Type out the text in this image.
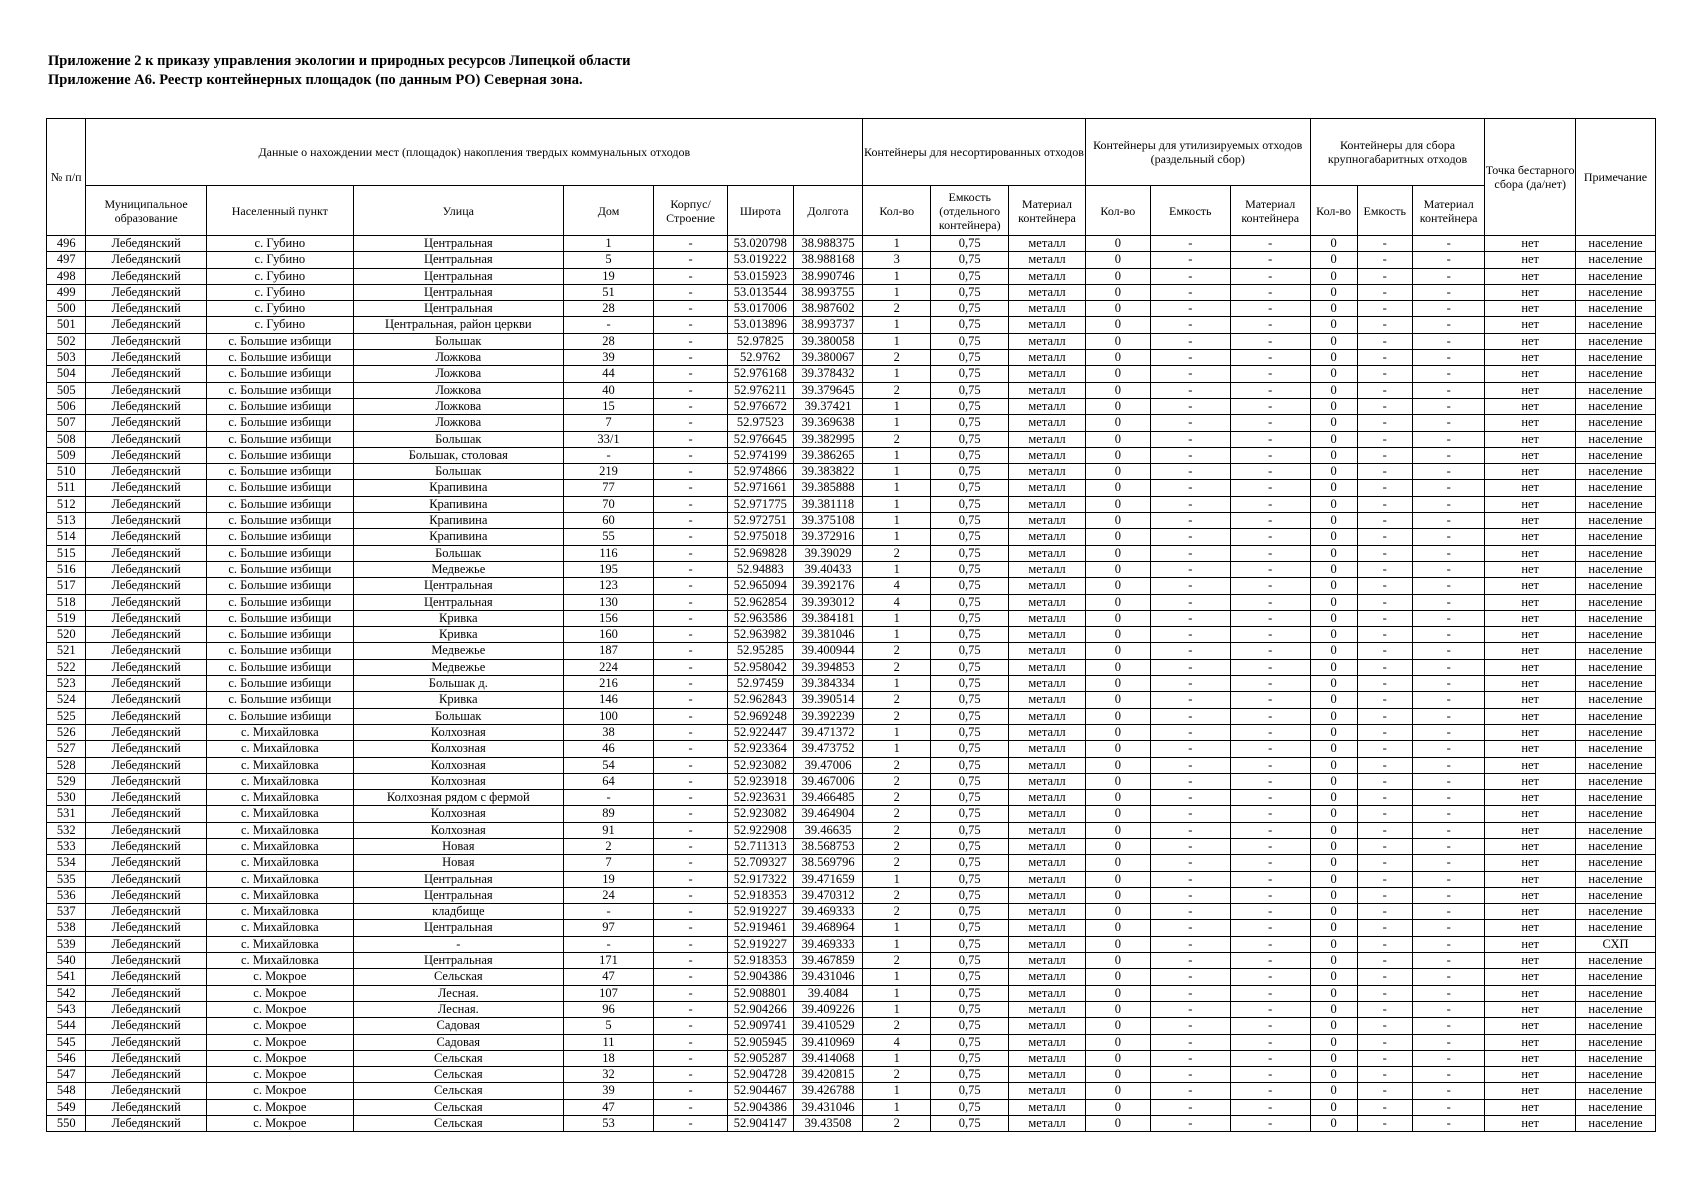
Приложение 2 к приказу управления экологии и природных ресурсов Липецкой области
Приложение А6. Реестр контейнерных площадок (по данным РО) Северная зона.
№ п/п	Данные о нахождении мест (площадок) накопления твердых коммунальных отходов							Контейнеры для несортированных отходов			Контейнеры для утилизируемых отходов (раздельный сбор)			Контейнеры для сбора крупногабаритных отходов			Точка бестарного сбора (да/нет)	Примечание
	Муниципальное образование	Населенный пункт	Улица	Дом	Корпус/ Строение	Широта	Долгота	Кол-во	Емкость (отдельного контейнера)	Материал контейнера	Кол-во	Емкость	Материал контейнера	Кол-во	Емкость	Материал контейнера		
496	Лебедянский	с. Губино	Центральная	1	-	53.020798	38.988375	1	0,75	металл	0	-	-	0	-	-	нет	население
497	Лебедянский	с. Губино	Центральная	5	-	53.019222	38.988168	3	0,75	металл	0	-	-	0	-	-	нет	население
498	Лебедянский	с. Губино	Центральная	19	-	53.015923	38.990746	1	0,75	металл	0	-	-	0	-	-	нет	население
499	Лебедянский	с. Губино	Центральная	51	-	53.013544	38.993755	1	0,75	металл	0	-	-	0	-	-	нет	население
500	Лебедянский	с. Губино	Центральная	28	-	53.017006	38.987602	2	0,75	металл	0	-	-	0	-	-	нет	население
501	Лебедянский	с. Губино	Центральная, район церкви	-	-	53.013896	38.993737	1	0,75	металл	0	-	-	0	-	-	нет	население
502	Лебедянский	с. Большие избищи	Большак	28	-	52.97825	39.380058	1	0,75	металл	0	-	-	0	-	-	нет	население
503	Лебедянский	с. Большие избищи	Ложкова	39	-	52.9762	39.380067	2	0,75	металл	0	-	-	0	-	-	нет	население
504	Лебедянский	с. Большие избищи	Ложкова	44	-	52.976168	39.378432	1	0,75	металл	0	-	-	0	-	-	нет	население
505	Лебедянский	с. Большие избищи	Ложкова	40	-	52.976211	39.379645	2	0,75	металл	0	-	-	0	-	-	нет	население
506	Лебедянский	с. Большие избищи	Ложкова	15	-	52.976672	39.37421	1	0,75	металл	0	-	-	0	-	-	нет	население
507	Лебедянский	с. Большие избищи	Ложкова	7	-	52.97523	39.369638	1	0,75	металл	0	-	-	0	-	-	нет	население
508	Лебедянский	с. Большие избищи	Большак	33/1	-	52.976645	39.382995	2	0,75	металл	0	-	-	0	-	-	нет	население
509	Лебедянский	с. Большие избищи	Большак, столовая	-	-	52.974199	39.386265	1	0,75	металл	0	-	-	0	-	-	нет	население
510	Лебедянский	с. Большие избищи	Большак	219	-	52.974866	39.383822	1	0,75	металл	0	-	-	0	-	-	нет	население
511	Лебедянский	с. Большие избищи	Крапивина	77	-	52.971661	39.385888	1	0,75	металл	0	-	-	0	-	-	нет	население
512	Лебедянский	с. Большие избищи	Крапивина	70	-	52.971775	39.381118	1	0,75	металл	0	-	-	0	-	-	нет	население
513	Лебедянский	с. Большие избищи	Крапивина	60	-	52.972751	39.375108	1	0,75	металл	0	-	-	0	-	-	нет	население
514	Лебедянский	с. Большие избищи	Крапивина	55	-	52.975018	39.372916	1	0,75	металл	0	-	-	0	-	-	нет	население
515	Лебедянский	с. Большие избищи	Большак	116	-	52.969828	39.39029	2	0,75	металл	0	-	-	0	-	-	нет	население
516	Лебедянский	с. Большие избищи	Медвежье	195	-	52.94883	39.40433	1	0,75	металл	0	-	-	0	-	-	нет	население
517	Лебедянский	с. Большие избищи	Центральная	123	-	52.965094	39.392176	4	0,75	металл	0	-	-	0	-	-	нет	население
518	Лебедянский	с. Большие избищи	Центральная	130	-	52.962854	39.393012	4	0,75	металл	0	-	-	0	-	-	нет	население
519	Лебедянский	с. Большие избищи	Кривка	156	-	52.963586	39.384181	1	0,75	металл	0	-	-	0	-	-	нет	население
520	Лебедянский	с. Большие избищи	Кривка	160	-	52.963982	39.381046	1	0,75	металл	0	-	-	0	-	-	нет	население
521	Лебедянский	с. Большие избищи	Медвежье	187	-	52.95285	39.400944	2	0,75	металл	0	-	-	0	-	-	нет	население
522	Лебедянский	с. Большие избищи	Медвежье	224	-	52.958042	39.394853	2	0,75	металл	0	-	-	0	-	-	нет	население
523	Лебедянский	с. Большие избищи	Большак д.	216	-	52.97459	39.384334	1	0,75	металл	0	-	-	0	-	-	нет	население
524	Лебедянский	с. Большие избищи	Кривка	146	-	52.962843	39.390514	2	0,75	металл	0	-	-	0	-	-	нет	население
525	Лебедянский	с. Большие избищи	Большак	100	-	52.969248	39.392239	2	0,75	металл	0	-	-	0	-	-	нет	население
526	Лебедянский	с. Михайловка	Колхозная	38	-	52.922447	39.471372	1	0,75	металл	0	-	-	0	-	-	нет	население
527	Лебедянский	с. Михайловка	Колхозная	46	-	52.923364	39.473752	1	0,75	металл	0	-	-	0	-	-	нет	население
528	Лебедянский	с. Михайловка	Колхозная	54	-	52.923082	39.47006	2	0,75	металл	0	-	-	0	-	-	нет	население
529	Лебедянский	с. Михайловка	Колхозная	64	-	52.923918	39.467006	2	0,75	металл	0	-	-	0	-	-	нет	население
530	Лебедянский	с. Михайловка	Колхозная рядом с фермой	-	-	52.923631	39.466485	2	0,75	металл	0	-	-	0	-	-	нет	население
531	Лебедянский	с. Михайловка	Колхозная	89	-	52.923082	39.464904	2	0,75	металл	0	-	-	0	-	-	нет	население
532	Лебедянский	с. Михайловка	Колхозная	91	-	52.922908	39.46635	2	0,75	металл	0	-	-	0	-	-	нет	население
533	Лебедянский	с. Михайловка	Новая	2	-	52.711313	38.568753	2	0,75	металл	0	-	-	0	-	-	нет	население
534	Лебедянский	с. Михайловка	Новая	7	-	52.709327	38.569796	2	0,75	металл	0	-	-	0	-	-	нет	население
535	Лебедянский	с. Михайловка	Центральная	19	-	52.917322	39.471659	1	0,75	металл	0	-	-	0	-	-	нет	население
536	Лебедянский	с. Михайловка	Центральная	24	-	52.918353	39.470312	2	0,75	металл	0	-	-	0	-	-	нет	население
537	Лебедянский	с. Михайловка	кладбище	-	-	52.919227	39.469333	2	0,75	металл	0	-	-	0	-	-	нет	население
538	Лебедянский	с. Михайловка	Центральная	97	-	52.919461	39.468964	1	0,75	металл	0	-	-	0	-	-	нет	население
539	Лебедянский	с. Михайловка	-	-	-	52.919227	39.469333	1	0,75	металл	0	-	-	0	-	-	нет	СХП
540	Лебедянский	с. Михайловка	Центральная	171	-	52.918353	39.467859	2	0,75	металл	0	-	-	0	-	-	нет	население
541	Лебедянский	с. Мокрое	Сельская	47	-	52.904386	39.431046	1	0,75	металл	0	-	-	0	-	-	нет	население
542	Лебедянский	с. Мокрое	Лесная.	107	-	52.908801	39.4084	1	0,75	металл	0	-	-	0	-	-	нет	население
543	Лебедянский	с. Мокрое	Лесная.	96	-	52.904266	39.409226	1	0,75	металл	0	-	-	0	-	-	нет	население
544	Лебедянский	с. Мокрое	Садовая	5	-	52.909741	39.410529	2	0,75	металл	0	-	-	0	-	-	нет	население
545	Лебедянский	с. Мокрое	Садовая	11	-	52.905945	39.410969	4	0,75	металл	0	-	-	0	-	-	нет	население
546	Лебедянский	с. Мокрое	Сельская	18	-	52.905287	39.414068	1	0,75	металл	0	-	-	0	-	-	нет	население
547	Лебедянский	с. Мокрое	Сельская	32	-	52.904728	39.420815	2	0,75	металл	0	-	-	0	-	-	нет	население
548	Лебедянский	с. Мокрое	Сельская	39	-	52.904467	39.426788	1	0,75	металл	0	-	-	0	-	-	нет	население
549	Лебедянский	с. Мокрое	Сельская	47	-	52.904386	39.431046	1	0,75	металл	0	-	-	0	-	-	нет	население
550	Лебедянский	с. Мокрое	Сельская	53	-	52.904147	39.43508	2	0,75	металл	0	-	-	0	-	-	нет	население
